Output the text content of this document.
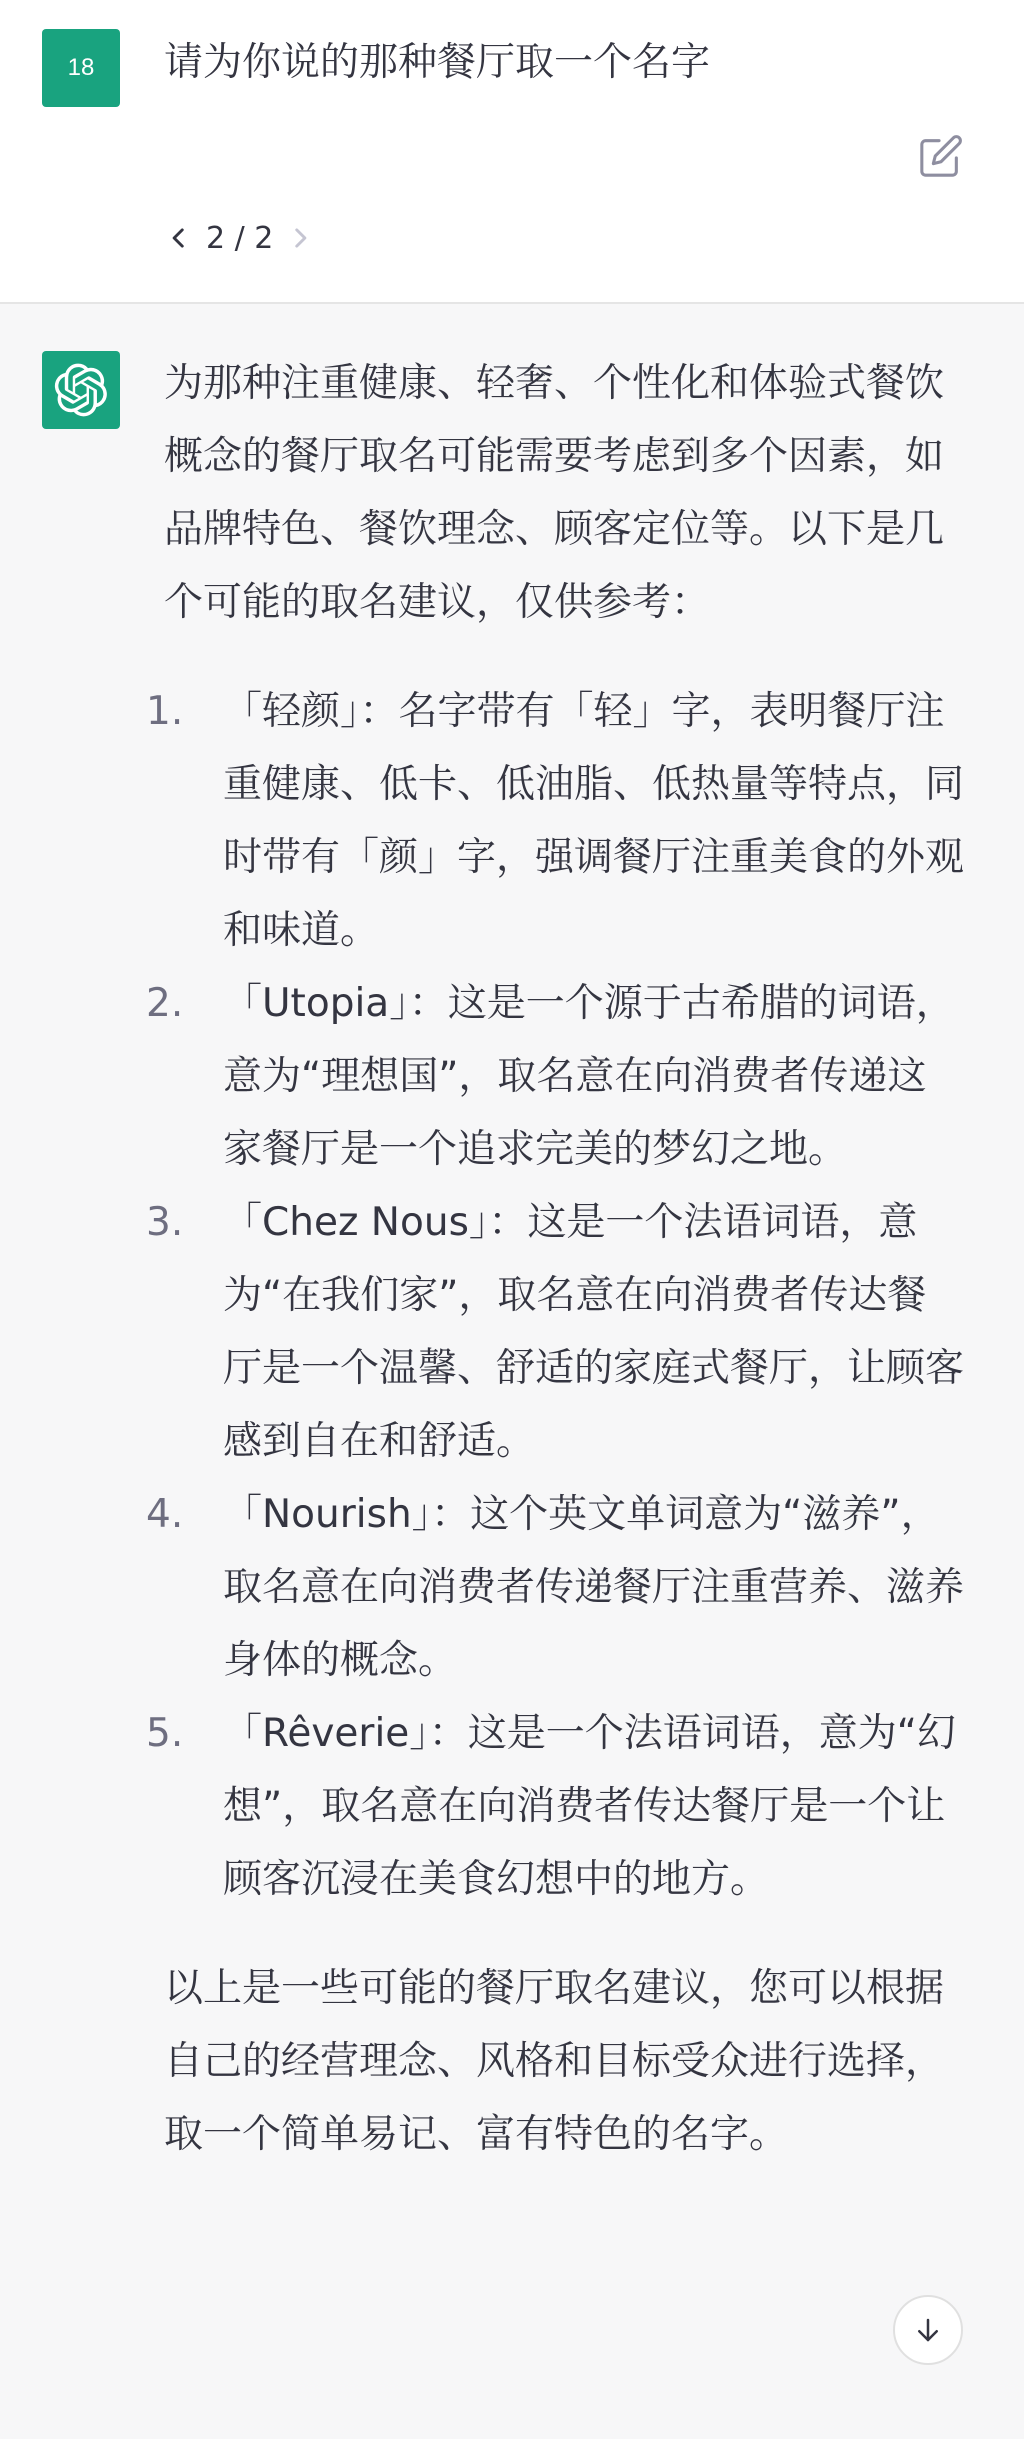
18 请为你说的那种餐厅取一个名字
2 / 2

为那种注重健康、轻奢、个性化和体验式餐饮概念的餐厅取名可能需要考虑到多个因素，如品牌特色、餐饮理念、顾客定位等。以下是几个可能的取名建议，仅供参考：

1. 「轻颜」：名字带有「轻」字，表明餐厅注重健康、低卡、低油脂、低热量等特点，同时带有「颜」字，强调餐厅注重美食的外观和味道。
2. 「Utopia」：这是一个源于古希腊的词语，意为“理想国”，取名意在向消费者传递这家餐厅是一个追求完美的梦幻之地。
3. 「Chez Nous」：这是一个法语词语，意为“在我们家”，取名意在向消费者传达餐厅是一个温馨、舒适的家庭式餐厅，让顾客感到自在和舒适。
4. 「Nourish」：这个英文单词意为“滋养”，取名意在向消费者传递餐厅注重营养、滋养身体的概念。
5. 「Rêverie」：这是一个法语词语，意为“幻想”，取名意在向消费者传达餐厅是一个让顾客沉浸在美食幻想中的地方。

以上是一些可能的餐厅取名建议，您可以根据自己的经营理念、风格和目标受众进行选择，取一个简单易记、富有特色的名字。
